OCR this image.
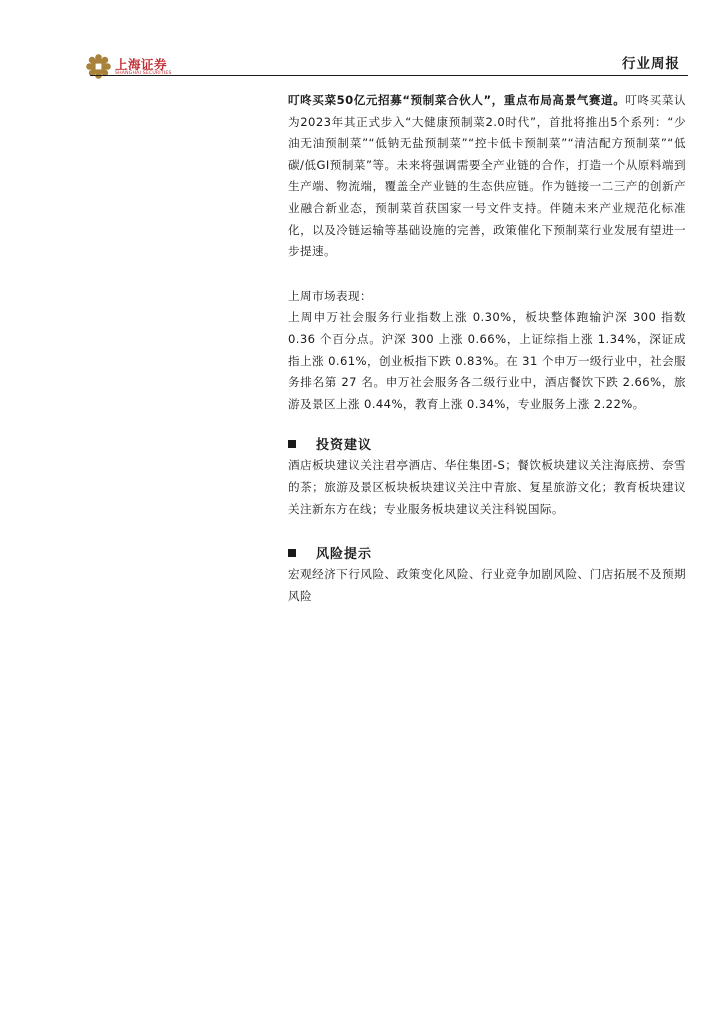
上海证券
SHANGHAI SECURITIES
行业周报

叮咚买菜50亿元招募“预制菜合伙人”，重点布局高景气赛道。叮咚买菜认为2023年其正式步入“大健康预制菜2.0时代”，首批将推出5个系列：“少油无油预制菜”“低钠无盐预制菜”“控卡低卡预制菜”“清洁配方预制菜”“低碳/低GI预制菜”等。未来将强调需要全产业链的合作，打造一个从原料端到生产端、物流端，覆盖全产业链的生态供应链。作为链接一二三产的创新产业融合新业态，预制菜首获国家一号文件支持。伴随未来产业规范化标准化，以及冷链运输等基础设施的完善，政策催化下预制菜行业发展有望进一步提速。

上周市场表现：

上周申万社会服务行业指数上涨 0.30%，板块整体跑输沪深 300 指数 0.36 个百分点。沪深 300 上涨 0.66%，上证综指上涨 1.34%，深证成指上涨 0.61%，创业板指下跌 0.83%。在 31 个申万一级行业中，社会服务排名第 27 名。申万社会服务各二级行业中，酒店餐饮下跌 2.66%，旅游及景区上涨 0.44%，教育上涨 0.34%，专业服务上涨 2.22%。

投资建议

酒店板块建议关注君亭酒店、华住集团-S；餐饮板块建议关注海底捞、奈雪的茶；旅游及景区板块板块建议关注中青旅、复星旅游文化；教育板块建议关注新东方在线；专业服务板块建议关注科锐国际。

风险提示

宏观经济下行风险、政策变化风险、行业竞争加剧风险、门店拓展不及预期风险
